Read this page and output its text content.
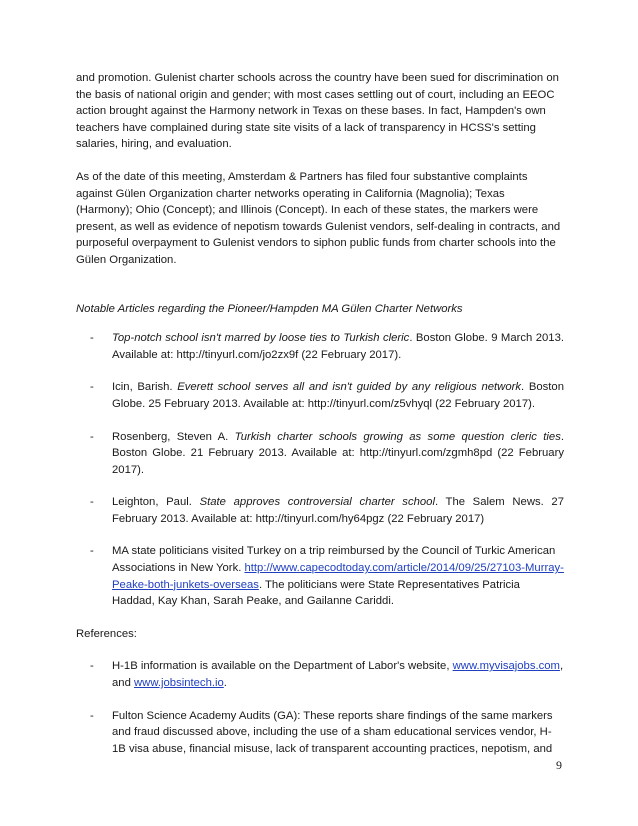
and promotion. Gulenist charter schools across the country have been sued for discrimination on the basis of national origin and gender; with most cases settling out of court, including an EEOC action brought against the Harmony network in Texas on these bases. In fact, Hampden's own teachers have complained during state site visits of a lack of transparency in HCSS's setting salaries, hiring, and evaluation.

As of the date of this meeting, Amsterdam & Partners has filed four substantive complaints against Gülen Organization charter networks operating in California (Magnolia); Texas (Harmony); Ohio (Concept); and Illinois (Concept). In each of these states, the markers were present, as well as evidence of nepotism towards Gulenist vendors, self-dealing in contracts, and purposeful overpayment to Gulenist vendors to siphon public funds from charter schools into the Gülen Organization.

Notable Articles regarding the Pioneer/Hampden MA Gülen Charter Networks

- Top-notch school isn't marred by loose ties to Turkish cleric. Boston Globe. 9 March 2013. Available at: http://tinyurl.com/jo2zx9f (22 February 2017).
- Icin, Barish. Everett school serves all and isn't guided by any religious network. Boston Globe. 25 February 2013. Available at: http://tinyurl.com/z5vhyql (22 February 2017).
- Rosenberg, Steven A. Turkish charter schools growing as some question cleric ties. Boston Globe. 21 February 2013. Available at: http://tinyurl.com/zgmh8pd (22 February 2017).
- Leighton, Paul. State approves controversial charter school. The Salem News. 27 February 2013. Available at: http://tinyurl.com/hy64pgz (22 February 2017)
- MA state politicians visited Turkey on a trip reimbursed by the Council of Turkic American Associations in New York. http://www.capecodtoday.com/article/2014/09/25/27103-Murray-Peake-both-junkets-overseas. The politicians were State Representatives Patricia Haddad, Kay Khan, Sarah Peake, and Gailanne Cariddi.

References:

- H-1B information is available on the Department of Labor's website, www.myvisajobs.com, and www.jobsintech.io.
- Fulton Science Academy Audits (GA): These reports share findings of the same markers and fraud discussed above, including the use of a sham educational services vendor, H-1B visa abuse, financial misuse, lack of transparent accounting practices, nepotism, and
9
